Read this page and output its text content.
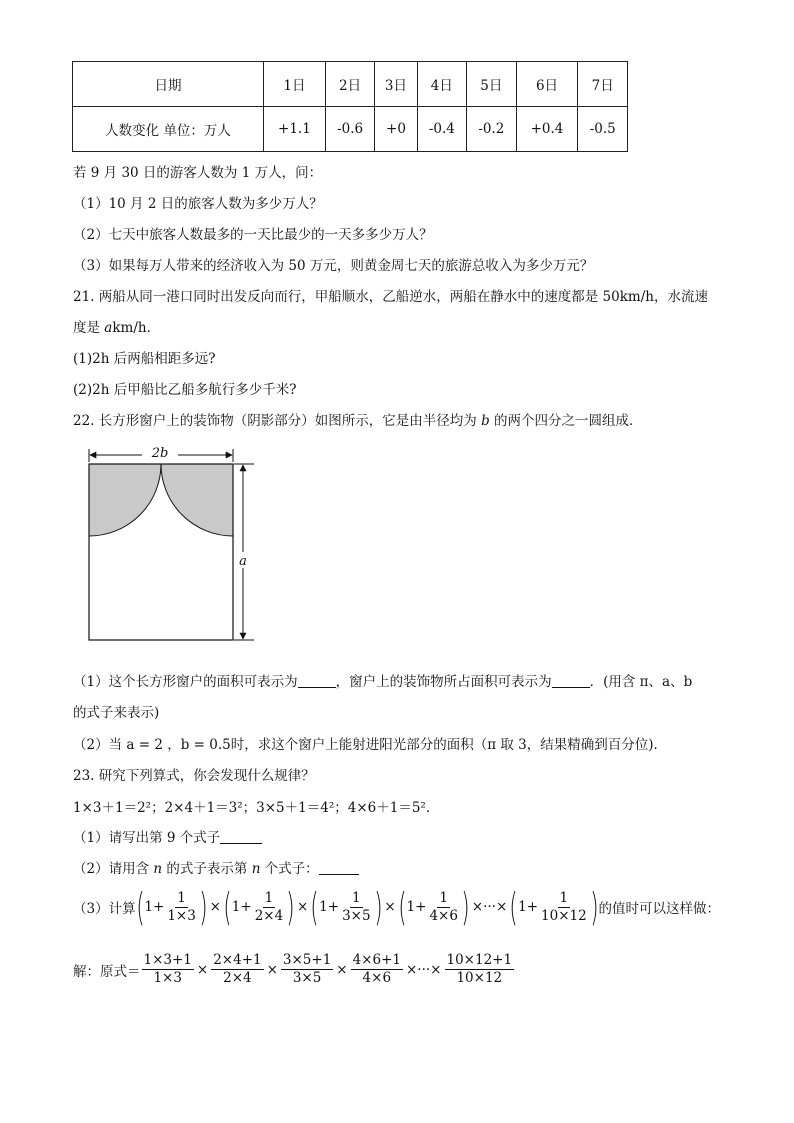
日期	1日	2日	3日	4日	5日	6日	7日
人数变化 单位：万人	+1.1	-0.6	+0	-0.4	-0.2	+0.4	-0.5
若 9 月 30 日的游客人数为 1 万人，问：
（1）10 月 2 日的旅客人数为多少万人？
（2）七天中旅客人数最多的一天比最少的一天多多少万人？
（3）如果每万人带来的经济收入为 50 万元，则黄金周七天的旅游总收入为多少万元？
21. 两船从同一港口同时出发反向而行，甲船顺水，乙船逆水，两船在静水中的速度都是 50km/h，水流速
度是 akm/h．
(1)2h 后两船相距多远?
(2)2h 后甲船比乙船多航行多少千米?
22. 长方形窗户上的装饰物（阴影部分）如图所示，它是由半径均为 b 的两个四分之一圆组成．
2b
a
（1）这个长方形窗户的面积可表示为	，窗户上的装饰物所占面积可表示为	．(用含 π、a、b
的式子来表示)
（2）当 a = 2 ，b = 0.5时，求这个窗户上能射进阳光部分的面积（π 取 3，结果精确到百分位)．
23. 研究下列算式，你会发现什么规律？
1×3＋1＝2²；2×4＋1＝3²；3×5＋1＝4²；4×6＋1＝5²．
（1）请写出第 9 个式子
（2）请用含 n 的式子表示第 n 个式子：
（3）计算 ( $1+ \frac{1}{1\times 3}$ ) × ( $1+ \frac{1}{2\times 4}$ ) × ( $1+ \frac{1}{3\times 5}$ ) × ( $1+ \frac{1}{4\times 6}$ ) ×···× ( $1+ \frac{1}{10\times 12}$ ) 的值时可以这样做：
解：原式＝ $\frac{1\times 3+1}{1\times 3} \times \frac{2\times 4+1}{2\times 4} \times \frac{3\times 5+1}{3\times 5} \times \frac{4\times 6+1}{4\times 6}$ ×···× $\frac{10\times 12+1}{10\times 12}$
